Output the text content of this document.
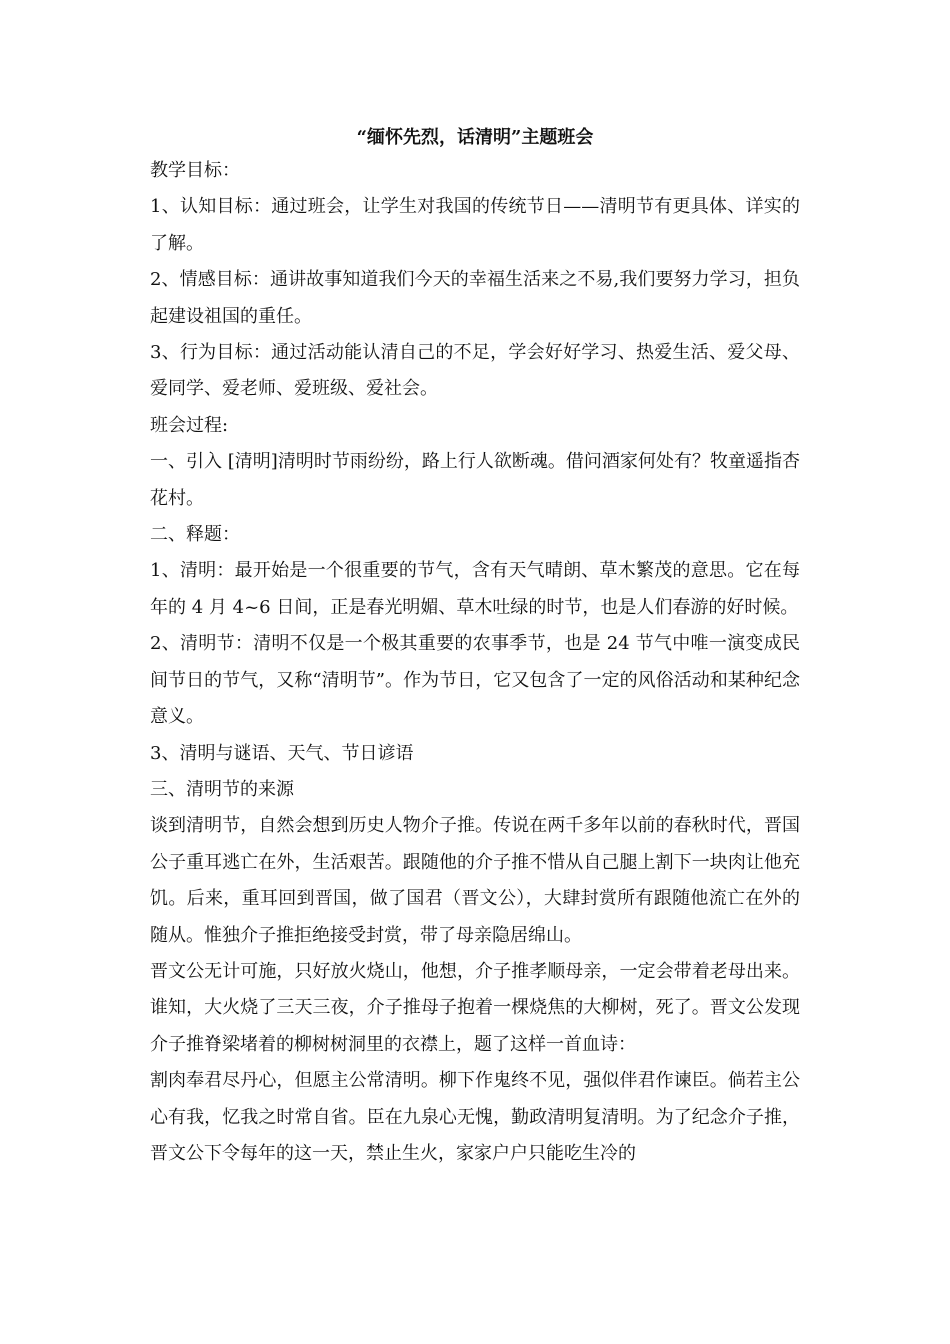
“缅怀先烈，话清明”主题班会

教学目标：

1、认知目标：通过班会，让学生对我国的传统节日——清明节有更具体、详实的了解。

2、情感目标：通讲故事知道我们今天的幸福生活来之不易,我们要努力学习，担负起建设祖国的重任。

3、行为目标：通过活动能认清自己的不足，学会好好学习、热爱生活、爱父母、爱同学、爱老师、爱班级、爱社会。

班会过程:

一、引入 [清明]清明时节雨纷纷，路上行人欲断魂。借问酒家何处有？牧童遥指杏花村。

二、释题：

1、清明：最开始是一个很重要的节气，含有天气晴朗、草木繁茂的意思。它在每年的 4 月 4~6 日间，正是春光明媚、草木吐绿的时节，也是人们春游的好时候。

2、清明节：清明不仅是一个极其重要的农事季节，也是 24 节气中唯一演变成民间节日的节气，又称“清明节”。作为节日，它又包含了一定的风俗活动和某种纪念意义。

3、清明与谜语、天气、节日谚语

三、清明节的来源

谈到清明节，自然会想到历史人物介子推。传说在两千多年以前的春秋时代，晋国公子重耳逃亡在外，生活艰苦。跟随他的介子推不惜从自己腿上割下一块肉让他充饥。后来，重耳回到晋国，做了国君（晋文公），大肆封赏所有跟随他流亡在外的随从。惟独介子推拒绝接受封赏，带了母亲隐居绵山。

晋文公无计可施，只好放火烧山，他想，介子推孝顺母亲，一定会带着老母出来。谁知，大火烧了三天三夜，介子推母子抱着一棵烧焦的大柳树，死了。晋文公发现介子推脊梁堵着的柳树树洞里的衣襟上，题了这样一首血诗：

割肉奉君尽丹心，但愿主公常清明。柳下作鬼终不见，强似伴君作谏臣。倘若主公心有我，忆我之时常自省。臣在九泉心无愧，勤政清明复清明。为了纪念介子推，晋文公下令每年的这一天，禁止生火，家家户户只能吃生冷的
